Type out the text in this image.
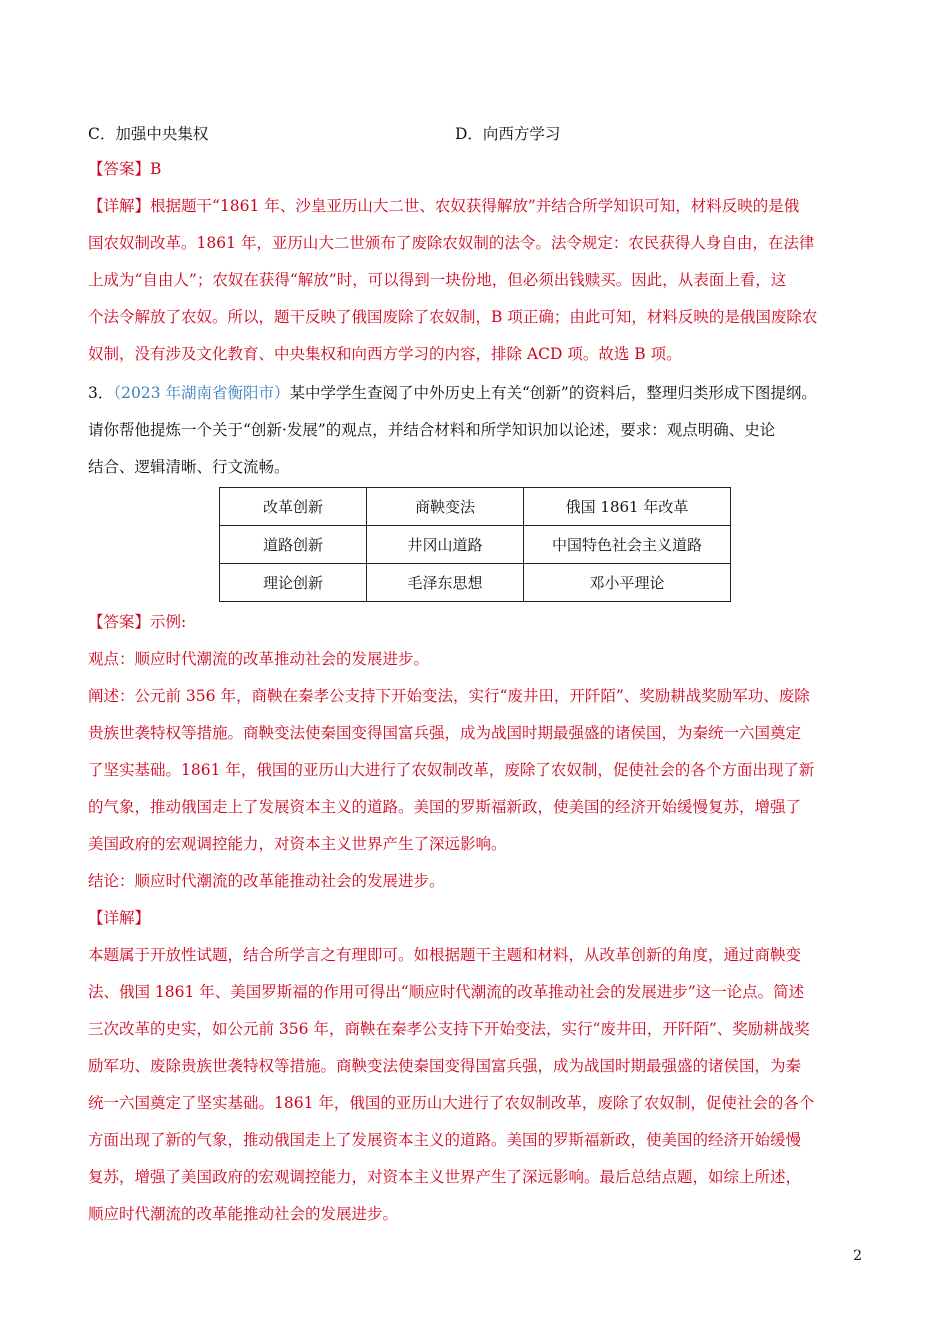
C．加强中央集权	D．向西方学习
【答案】B
【详解】根据题干“1861 年、沙皇亚历山大二世、农奴获得解放”并结合所学知识可知，材料反映的是俄
国农奴制改革。1861 年，亚历山大二世颁布了废除农奴制的法令。法令规定：农民获得人身自由，在法律
上成为“自由人”；农奴在获得“解放”时，可以得到一块份地，但必须出钱赎买。因此，从表面上看，这
个法令解放了农奴。所以，题干反映了俄国废除了农奴制，B 项正确；由此可知，材料反映的是俄国废除农
奴制，没有涉及文化教育、中央集权和向西方学习的内容，排除 ACD 项。故选 B 项。
3．（2023 年湖南省衡阳市）某中学学生查阅了中外历史上有关“创新”的资料后，整理归类形成下图提纲。
请你帮他提炼一个关于“创新·发展”的观点，并结合材料和所学知识加以论述，要求：观点明确、史论
结合、逻辑清晰、行文流畅。
改革创新	商鞅变法	俄国 1861 年改革
道路创新	井冈山道路	中国特色社会主义道路
理论创新	毛泽东思想	邓小平理论
【答案】示例:
观点：顺应时代潮流的改革推动社会的发展进步。
阐述：公元前 356 年，商鞅在秦孝公支持下开始变法，实行“废井田，开阡陌”、奖励耕战奖励军功、废除
贵族世袭特权等措施。商鞅变法使秦国变得国富兵强，成为战国时期最强盛的诸侯国，为秦统一六国奠定
了坚实基础。1861 年，俄国的亚历山大进行了农奴制改革，废除了农奴制，促使社会的各个方面出现了新
的气象，推动俄国走上了发展资本主义的道路。美国的罗斯福新政，使美国的经济开始缓慢复苏，增强了
美国政府的宏观调控能力，对资本主义世界产生了深远影响。
结论：顺应时代潮流的改革能推动社会的发展进步。
【详解】
本题属于开放性试题，结合所学言之有理即可。如根据题干主题和材料，从改革创新的角度，通过商鞅变
法、俄国 1861 年、美国罗斯福的作用可得出“顺应时代潮流的改革推动社会的发展进步”这一论点。简述
三次改革的史实，如公元前 356 年，商鞅在秦孝公支持下开始变法，实行“废井田，开阡陌”、奖励耕战奖
励军功、废除贵族世袭特权等措施。商鞅变法使秦国变得国富兵强，成为战国时期最强盛的诸侯国，为秦
统一六国奠定了坚实基础。1861 年，俄国的亚历山大进行了农奴制改革，废除了农奴制，促使社会的各个
方面出现了新的气象，推动俄国走上了发展资本主义的道路。美国的罗斯福新政，使美国的经济开始缓慢
复苏，增强了美国政府的宏观调控能力，对资本主义世界产生了深远影响。最后总结点题，如综上所述，
顺应时代潮流的改革能推动社会的发展进步。
2
